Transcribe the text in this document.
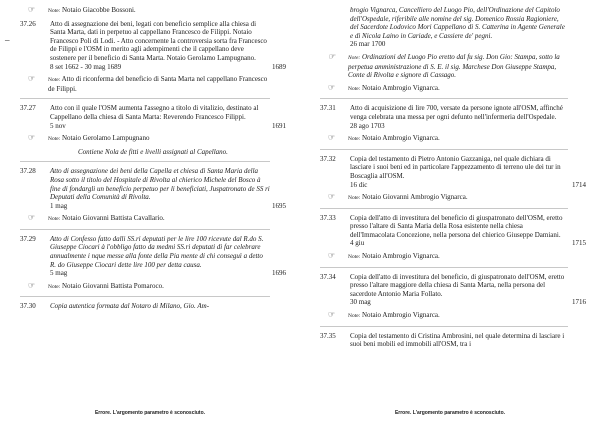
_
☞ Note: Notaio Giacobbe Bossoni.
37.26 Atto di assegnazione dei beni, legati con beneficio semplice alla chiesa di Santa Marta, dati in perpetuo al cappellano Francesco de Filippi. Notaio Francesco Poli di Lodi. - Atto concernente la controversia sorta fra Francesco de Filippi e l'OSM in merito agli adempimenti che il cappellano deve sostenere per il beneficio di Santa Marta. Notaio Gerolamo Lampugnano.
8 set 1662 - 30 mag 1689	1689
☞ Note: Atto di riconferma del beneficio di Santa Marta nel cappellano Francesco de Filippi.
37.27 Atto con il quale l'OSM aumenta l'assegno a titolo di vitalizio, destinato al Cappellano della chiesa di Santa Marta: Reverendo Francesco Filippi.
5 nov	1691
☞ Note: Notaio Gerolamo Lampugnano
Contiene Nola de fitti e livelli assignati al Capellano.
37.28 Atto di assegnazione dei beni della Capella et chiesa di Santa Maria della Rosa sotto il titolo del Hospitale di Rivolta al chierico Michele del Bosco à fine di fondargli un beneficio perpetuo per li beneficiati, Juspatronato de SS ri Deputati della Comunità di Rivolta.
1 mag	1695
☞ Note: Notaio Giovanni Battista Cavallario.
37.29 Atto di Confesso fatto dalli SS.ri deputati per le lire 100 ricevute dal R.do S. Giuseppe Ciocari à l'obbligo fatto da medmi SS.ri deputati di far celebrare annualmente i nque messe alla fonte della Pia mente di chi conseguì a detto R. do Giuseppe Ciocari dette lire 100 per detta causa.
5 mag	1696
☞ Note: Notaio Giovanni Battista Pomaroco.
37.30 Copia autentica formata dal Notaro di Milano, Gio. Am-
Errore. L'argomento parametro è sconosciuto.
brogio Vignarca, Cancelliero del Luogo Pio, dell'Ordinazione del Capitolo dell'Ospedale, riferibile alle nomine del sig. Domenico Rossia Ragioniere, del Sacerdote Lodovico Mori Cappellano di S. Catterina in Agente Generale e di Nicola Laino in Cariade, e Cassiere de' pegni.
26 mar 1700
☞ Note: Ordinazioni del Luogo Pio eretto dal fu sig. Don Gio: Stampa, sotto la perpetua amministrazione di S. E. il sig. Marchese Don Giuseppe Stampa, Conte di Rivolta e signore di Cassago.
☞ Note: Notaio Ambrogio Vignarca.
37.31 Atto di acquisizione di lire 700, versate da persone ignote all'OSM, affinché venga celebrata una messa per ogni defunto nell'infermeria dell'Ospedale.
28 ago 1703
☞ Note: Notaio Ambrogio Vignarca.
37.32 Copia del testamento di Pietro Antonio Gazzaniga, nel quale dichiara di lasciare i suoi beni ed in particolare l'appezzamento di terreno ule dei tur in Boscaglia all'OSM.
16 dic	1714
☞ Note: Notaio Giovanni Ambrogio Vignarca.
37.33 Copia dell'atto di investitura del beneficio di giuspatronato dell'OSM, eretto presso l'altare di Santa Maria della Rosa esistente nella chiesa dell'Immacolata Concezione, nella persona del chierico Giuseppe Damiani.
4 giu	1715
☞ Note: Notaio Ambrogio Vignarca.
37.34 Copia dell'atto di investitura del beneficio, di giuspatronato dell'OSM, eretto presso l'altare maggiore della chiesa di Santa Marta, nella persona del sacerdote Antonio Maria Follato.
30 mag	1716
☞ Note: Notaio Ambrogio Vignarca.
37.35 Copia del testamento di Cristina Ambrosini, nel quale determina di lasciare i suoi beni mobili ed immobili all'OSM, tra i
Errore. L'argomento parametro è sconosciuto.
